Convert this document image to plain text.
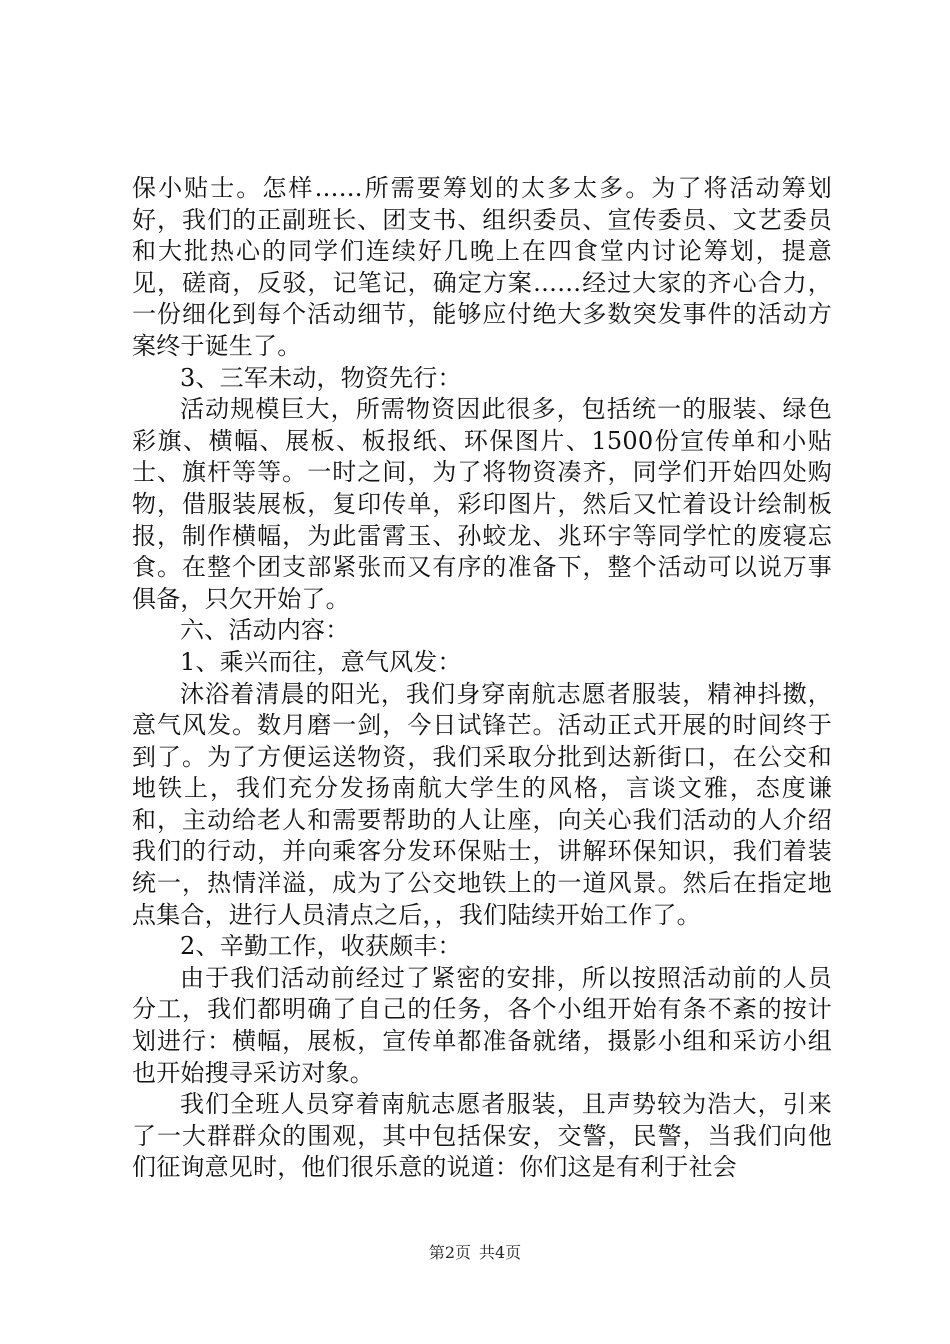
保小贴士。怎样……所需要筹划的太多太多。为了将活动筹划好，我们的正副班长、团支书、组织委员、宣传委员、文艺委员和大批热心的同学们连续好几晚上在四食堂内讨论筹划，提意见，磋商，反驳，记笔记，确定方案……经过大家的齐心合力，一份细化到每个活动细节，能够应付绝大多数突发事件的活动方案终于诞生了。

3、三军未动，物资先行：

活动规模巨大，所需物资因此很多，包括统一的服装、绿色彩旗、横幅、展板、板报纸、环保图片、1500份宣传单和小贴士、旗杆等等。一时之间，为了将物资凑齐，同学们开始四处购物，借服装展板，复印传单，彩印图片，然后又忙着设计绘制板报，制作横幅，为此雷霄玉、孙蛟龙、兆环宇等同学忙的废寝忘食。在整个团支部紧张而又有序的准备下，整个活动可以说万事俱备，只欠开始了。

六、活动内容：

1、乘兴而往，意气风发：

沐浴着清晨的阳光，我们身穿南航志愿者服装，精神抖擞，意气风发。数月磨一剑，今日试锋芒。活动正式开展的时间终于到了。为了方便运送物资，我们采取分批到达新街口，在公交和地铁上，我们充分发扬南航大学生的风格，言谈文雅，态度谦和，主动给老人和需要帮助的人让座，向关心我们活动的人介绍我们的行动，并向乘客分发环保贴士，讲解环保知识，我们着装统一，热情洋溢，成为了公交地铁上的一道风景。然后在指定地点集合，进行人员清点之后，，我们陆续开始工作了。

2、辛勤工作，收获颇丰：

由于我们活动前经过了紧密的安排，所以按照活动前的人员分工，我们都明确了自己的任务，各个小组开始有条不紊的按计划进行：横幅，展板，宣传单都准备就绪，摄影小组和采访小组也开始搜寻采访对象。

我们全班人员穿着南航志愿者服装，且声势较为浩大，引来了一大群群众的围观，其中包括保安，交警，民警，当我们向他们征询意见时，他们很乐意的说道：你们这是有利于社会

第2页 共4页
